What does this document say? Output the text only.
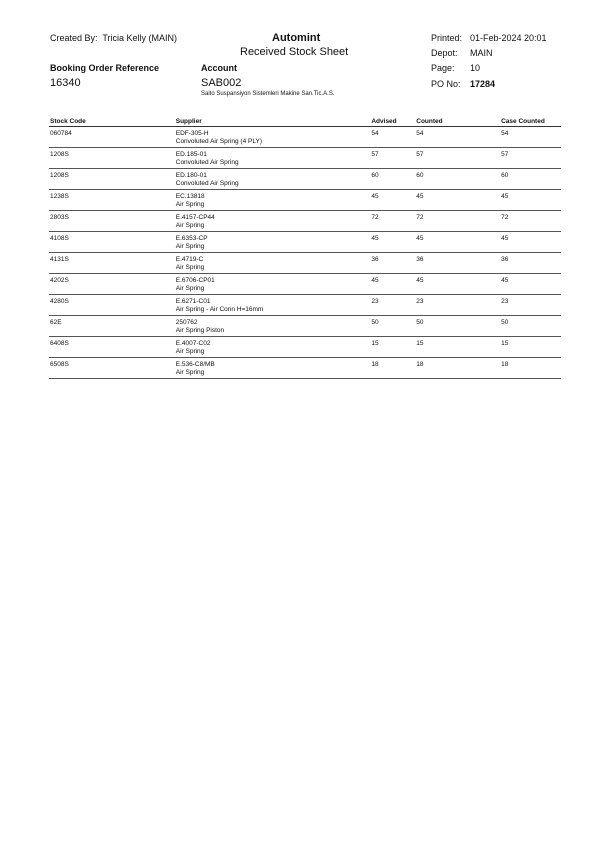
Created By: Tricia Kelly (MAIN)	Automint
Received Stock Sheet
Printed: 01-Feb-2024 20:01
Depot: MAIN
Page: 10
PO No: 17284
Booking Order Reference
16340
Account
SAB002
Saito Suspansiyon Sistemleri Makine San.Tic.A.S.
Stock Code	Supplier	Advised	Counted	Case Counted
060784	EDF-305-H
Convoluted Air Spring (4 PLY)
54	54	54
1208S	ED.185-01
Convoluted Air Spring
57	57	57
1208S	ED.180-01
Convoluted Air Spring
60	60	60
1238S	EC.13818
Air Spring
45	45	45
2803S	E.4157-CP44
Air Spring
72	72	72
4108S	E.6353-CP
Air Spring
45	45	45
4131S	E.4719-C
Air Spring
36	36	36
4202S	E.6706-CP01
Air Spring
45	45	45
4280S	E.6271-C01
Air Spring - Air Conn H=16mm
23	23	23
62E	250762
Air Spring Piston
50	50	50
6408S	E.4007-C02
Air Spring
15	15	15
6508S	E.536-C8/MB
Air Spring
18	18	18
